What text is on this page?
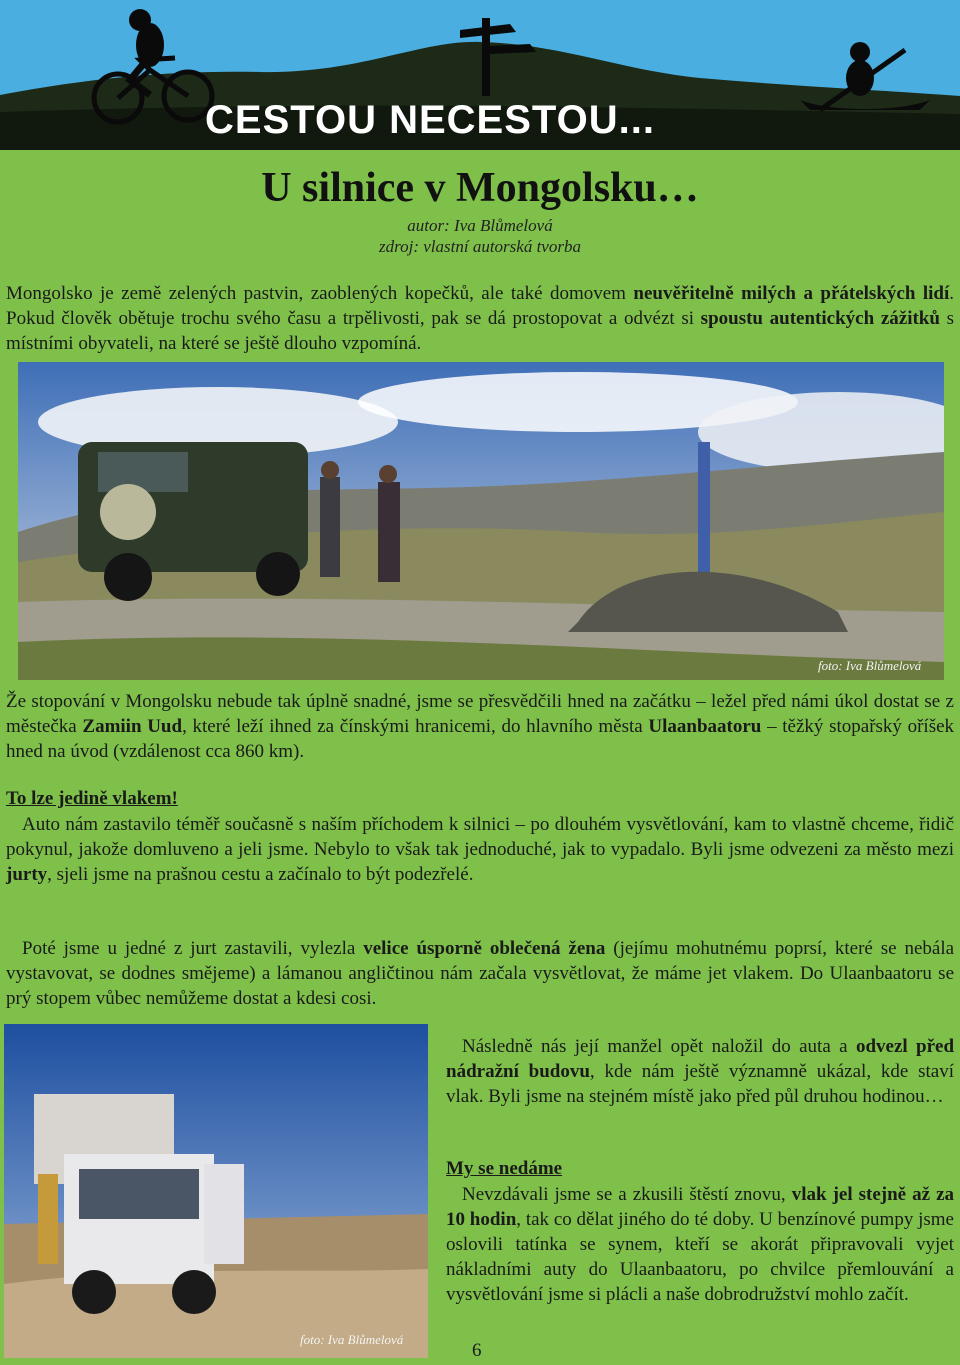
CESTOU NECESTOU...
U silnice v Mongolsku…
autor: Iva Blůmelová
zdroj: vlastní autorská tvorba

Mongolsko je země zelených pastvin, zaoblených kopečků, ale také domovem neuvěřitelně milých a přátelských lidí. Pokud člověk obětuje trochu svého času a trpělivosti, pak se dá prostopovat a odvézt si spoustu autentických zážitků s místními obyvateli, na které se ještě dlouho vzpomíná.

foto: Iva Blůmelová

Že stopování v Mongolsku nebude tak úplně snadné, jsme se přesvědčili hned na začátku – ležel před námi úkol dostat se z městečka Zamiin Uud, které leží ihned za čínskými hranicemi, do hlavního města Ulaanbaatoru – těžký stopařský oříšek hned na úvod (vzdálenost cca 860 km).

To lze jedině vlakem!

Auto nám zastavilo téměř současně s naším příchodem k silnici – po dlouhém vysvětlování, kam to vlastně chceme, řidič pokynul, jakože domluveno a jeli jsme. Nebylo to však tak jednoduché, jak to vypadalo. Byli jsme odvezeni za město mezi jurty, sjeli jsme na prašnou cestu a začínalo to být podezřelé.

Poté jsme u jedné z jurt zastavili, vylezla velice úsporně oblečená žena (jejímu mohutnému poprsí, které se nebála vystavovat, se dodnes smějeme) a lámanou angličtinou nám začala vysvětlovat, že máme jet vlakem. Do Ulaanbaatoru se prý stopem vůbec nemůžeme dostat a kdesi cosi.

foto: Iva Blůmelová

Následně nás její manžel opět naložil do auta a odvezl před nádražní budovu, kde nám ještě významně ukázal, kde staví vlak. Byli jsme na stejném místě jako před půl druhou hodinou…

My se nedáme

Nevzdávali jsme se a zkusili štěstí znovu, vlak jel stejně až za 10 hodin, tak co dělat jiného do té doby. U benzínové pumpy jsme oslovili tatínka se synem, kteří se akorát připravovali vyjet nákladními auty do Ulaanbaatoru, po chvilce přemlouvání a vysvětlování jsme si plácli a naše dobrodružství mohlo začít.

6
